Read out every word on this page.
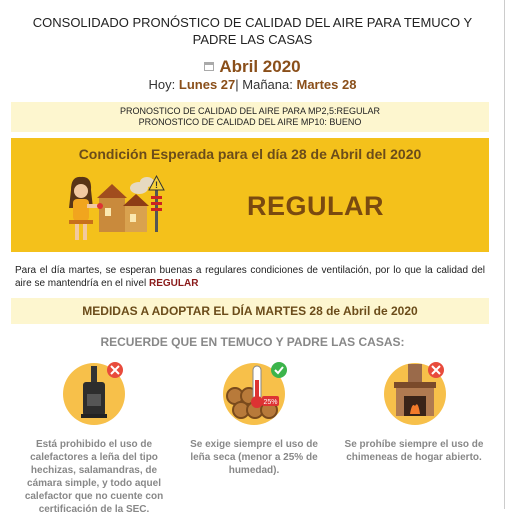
CONSOLIDADO PRONÓSTICO DE CALIDAD DEL AIRE PARA TEMUCO Y
PADRE LAS CASAS
Abril 2020
Hoy: Lunes 27| Mañana: Martes 28
PRONOSTICO DE CALIDAD DEL AIRE PARA MP2,5:REGULAR
PRONOSTICO DE CALIDAD DEL AIRE MP10: BUENO
Condición Esperada para el día 28 de Abril del 2020
!
REGULAR
Para el día martes, se esperan buenas a regulares condiciones de ventilación, por lo que la calidad del aire se mantendría en el nivel REGULAR
MEDIDAS A ADOPTAR EL DÍA MARTES 28 de Abril de 2020
RECUERDE QUE EN TEMUCO Y PADRE LAS CASAS:
25%
Está prohibido el uso de calefactores a leña del tipo hechizas, salamandras, de cámara simple, y todo aquel calefactor que no cuente con certificación de la SEC.
Se exige siempre el uso de leña seca (menor a 25% de humedad).
Se prohíbe siempre el uso de chimeneas de hogar abierto.
